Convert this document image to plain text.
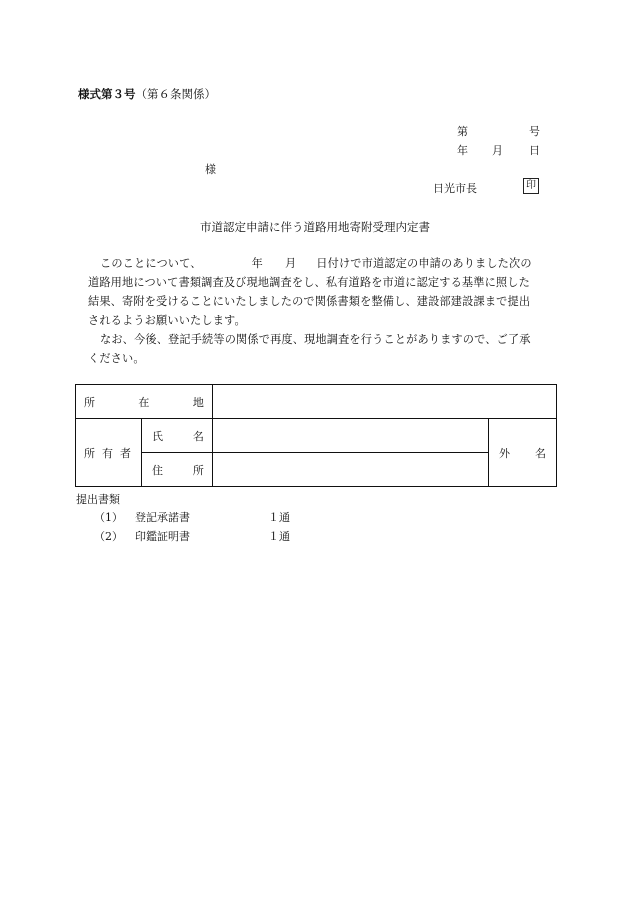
様式第３号（第６条関係）
第	号
年 月 日
様
日光市長	印
市道認定申請に伴う道路用地寄附受理内定書

このことについて、	年 月 日付けで市道認定の申請のありました次の

道路用地について書類調査及び現地調査をし、私有道路を市道に認定する基準に照した

結果、寄附を受けることにいたしましたので関係書類を整備し、建設部建設課まで提出

されるようお願いいたします。

なお、今後、登記手続等の関係で再度、現地調査を行うことがありますので、ご了承

ください。

所 在 地			

所 有 者	氏 名		外 名

	住 所		

提出書類
（1） 登記承諾書	１通
（2） 印鑑証明書	１通
